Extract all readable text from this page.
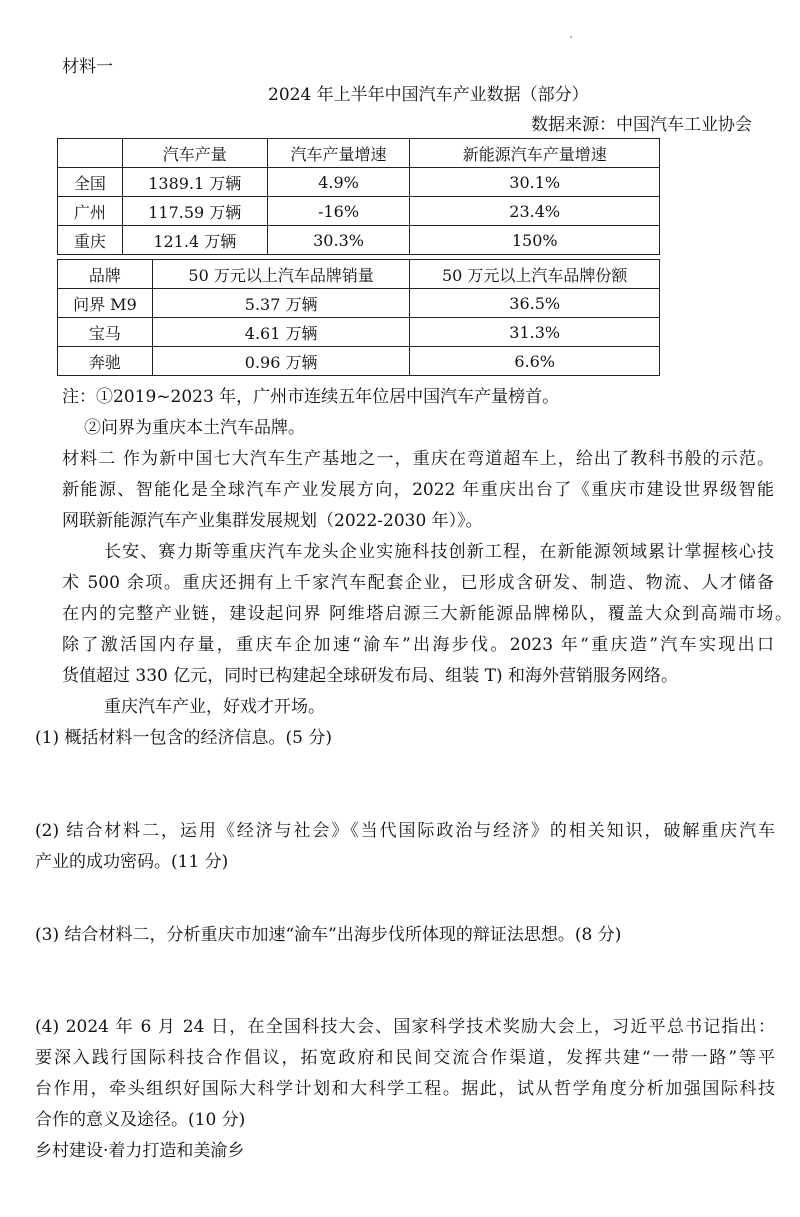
材料一
2024 年上半年中国汽车产业数据（部分）
数据来源：中国汽车工业协会
	汽车产量	汽车产量增速	新能源汽车产量增速
全国	1389.1 万辆	4.9%	30.1%
广州	117.59 万辆	-16%	23.4%
重庆	121.4 万辆	30.3%	150%
品牌	50 万元以上汽车品牌销量	50 万元以上汽车品牌份额
问界 M9	5.37 万辆	36.5%
宝马	4.61 万辆	31.3%
奔驰	0.96 万辆	6.6%
注：①2019~2023 年，广州市连续五年位居中国汽车产量榜首。
②问界为重庆本土汽车品牌。
材料二 作为新中国七大汽车生产基地之一，重庆在弯道超车上，给出了教科书般的示范。
新能源、智能化是全球汽车产业发展方向，2022 年重庆出台了《重庆市建设世界级智能
网联新能源汽车产业集群发展规划（2022-2030 年）》。
长安、赛力斯等重庆汽车龙头企业实施科技创新工程，在新能源领域累计掌握核心技
术 500 余项。重庆还拥有上千家汽车配套企业，已形成含研发、制造、物流、人才储备
在内的完整产业链，建设起问界 阿维塔启源三大新能源品牌梯队，覆盖大众到高端市场。
除了激活国内存量，重庆车企加速“渝车”出海步伐。2023 年“重庆造”汽车实现出口
货值超过 330 亿元，同时已构建起全球研发布局、组装 T) 和海外营销服务网络。
重庆汽车产业，好戏才开场。
(1) 概括材料一包含的经济信息。(5 分)
(2) 结合材料二，运用《经济与社会》《当代国际政治与经济》的相关知识，破解重庆汽车
产业的成功密码。(11 分)
(3) 结合材料二，分析重庆市加速“渝车”出海步伐所体现的辩证法思想。(8 分)
(4) 2024 年 6 月 24 日，在全国科技大会、国家科学技术奖励大会上，习近平总书记指出：
要深入践行国际科技合作倡议，拓宽政府和民间交流合作渠道，发挥共建“一带一路”等平
台作用，牵头组织好国际大科学计划和大科学工程。据此，试从哲学角度分析加强国际科技
合作的意义及途径。(10 分)
乡村建设·着力打造和美渝乡
